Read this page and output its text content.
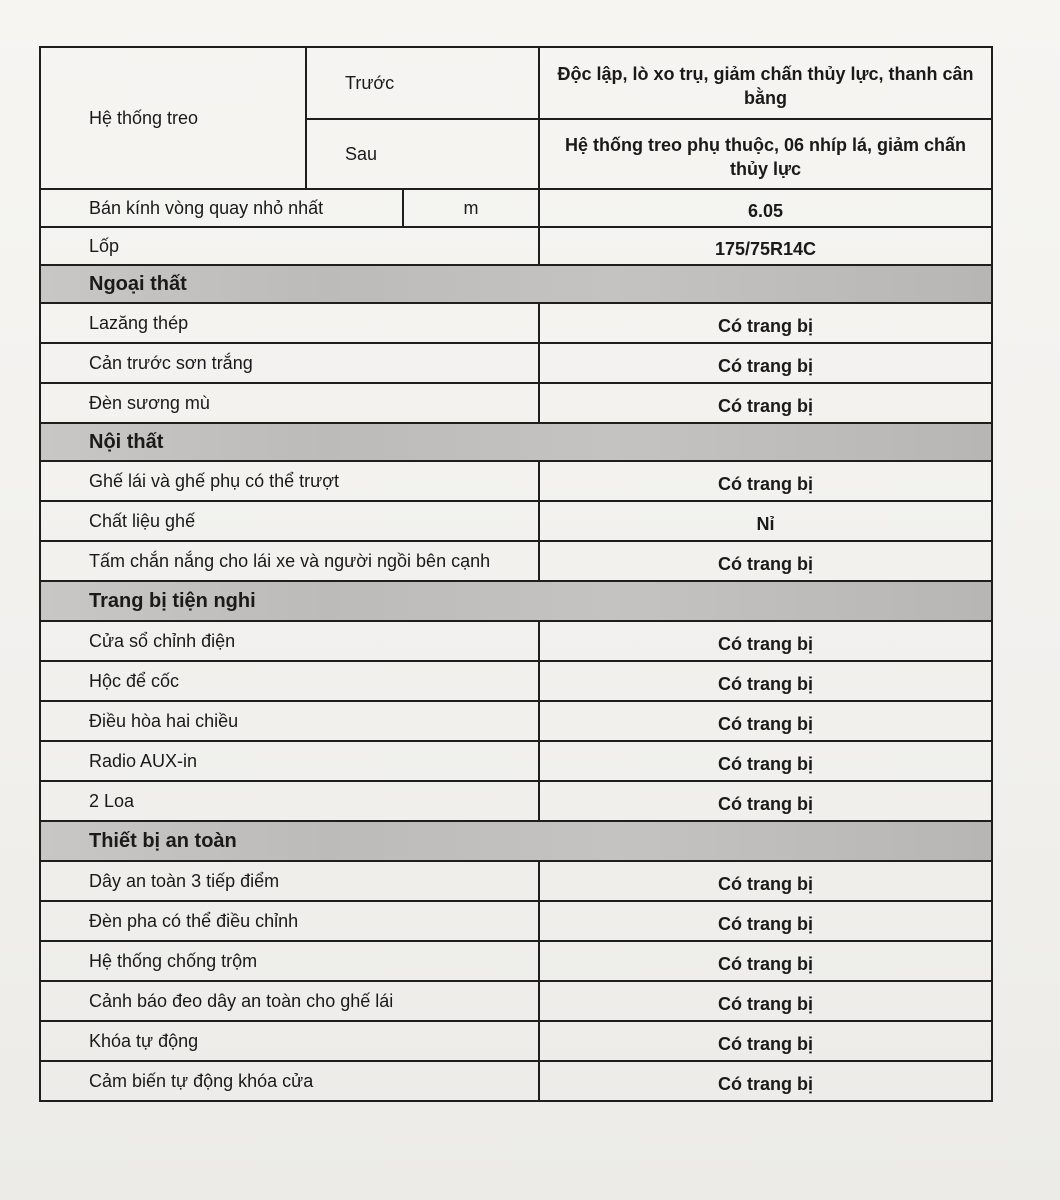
Hệ thống treo	Trước		Độc lập, lò xo trụ, giảm chấn thủy lực, thanh cân bằng
	Sau		Hệ thống treo phụ thuộc, 06 nhíp lá, giảm chấn thủy lực
Bán kính vòng quay nhỏ nhất		m	6.05
Lốp			175/75R14C
Ngoại thất			
Lazăng thép			Có trang bị
Cản trước sơn trắng			Có trang bị
Đèn sương mù			Có trang bị
Nội thất			
Ghế lái và ghế phụ có thể trượt			Có trang bị
Chất liệu ghế			Nỉ
Tấm chắn nắng cho lái xe và người ngồi bên cạnh			Có trang bị
Trang bị tiện nghi			
Cửa sổ chỉnh điện			Có trang bị
Hộc để cốc			Có trang bị
Điều hòa hai chiều			Có trang bị
Radio AUX-in			Có trang bị
2 Loa			Có trang bị
Thiết bị an toàn			
Dây an toàn 3 tiếp điểm			Có trang bị
Đèn pha có thể điều chỉnh			Có trang bị
Hệ thống chống trộm			Có trang bị
Cảnh báo đeo dây an toàn cho ghế lái			Có trang bị
Khóa tự động			Có trang bị
Cảm biến tự động khóa cửa			Có trang bị
